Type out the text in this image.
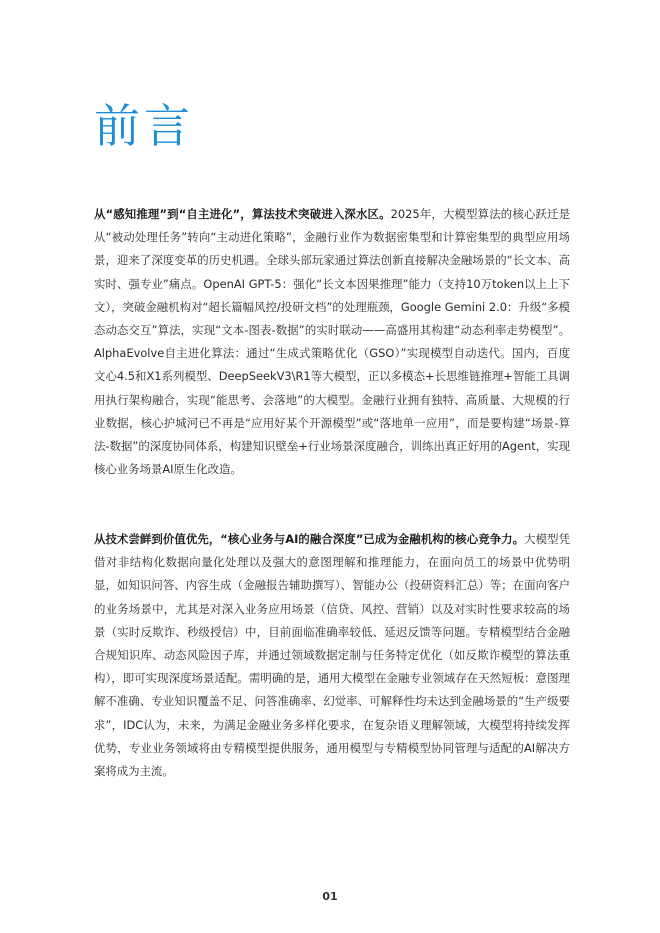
前言

从“感知推理”到“自主进化”，算法技术突破进入深水区。2025年，大模型算法的核心跃迁是从“被动处理任务”转向“主动进化策略”，金融行业作为数据密集型和计算密集型的典型应用场景，迎来了深度变革的历史机遇。全球头部玩家通过算法创新直接解决金融场景的“长文本、高实时、强专业”痛点。OpenAI GPT-5：强化“长文本因果推理”能力（支持10万token以上上下文），突破金融机构对“超长篇幅风控/投研文档”的处理瓶颈，Google Gemini 2.0：升级“多模态动态交互”算法，实现“文本-图表-数据”的实时联动——高盛用其构建“动态利率走势模型”。AlphaEvolve自主进化算法：通过“生成式策略优化（GSO）”实现模型自动迭代。国内，百度文心4.5和X1系列模型、DeepSeekV3\R1等大模型，正以多模态+长思维链推理+智能工具调用执行架构融合，实现“能思考、会落地”的大模型。金融行业拥有独特、高质量、大规模的行业数据，核心护城河已不再是“应用好某个开源模型”或“落地单一应用”，而是要构建“场景-算法-数据”的深度协同体系，构建知识壁垒+行业场景深度融合，训练出真正好用的Agent，实现核心业务场景AI原生化改造。

从技术尝鲜到价值优先，“核心业务与AI的融合深度”已成为金融机构的核心竞争力。大模型凭借对非结构化数据向量化处理以及强大的意图理解和推理能力，在面向员工的场景中优势明显，如知识问答、内容生成（金融报告辅助撰写）、智能办公（投研资料汇总）等；在面向客户的业务场景中，尤其是对深入业务应用场景（信贷、风控、营销）以及对实时性要求较高的场景（实时反欺诈、秒级授信）中，目前面临准确率较低、延迟反馈等问题。专精模型结合金融合规知识库、动态风险因子库，并通过领域数据定制与任务特定优化（如反欺诈模型的算法重构），即可实现深度场景适配。需明确的是，通用大模型在金融专业领域存在天然短板：意图理解不准确、专业知识覆盖不足、问答准确率、幻觉率、可解释性均未达到金融场景的“生产级要求”，IDC认为，未来，为满足金融业务多样化要求，在复杂语义理解领域，大模型将持续发挥优势，专业业务领域将由专精模型提供服务，通用模型与专精模型协同管理与适配的AI解决方案将成为主流。

01
